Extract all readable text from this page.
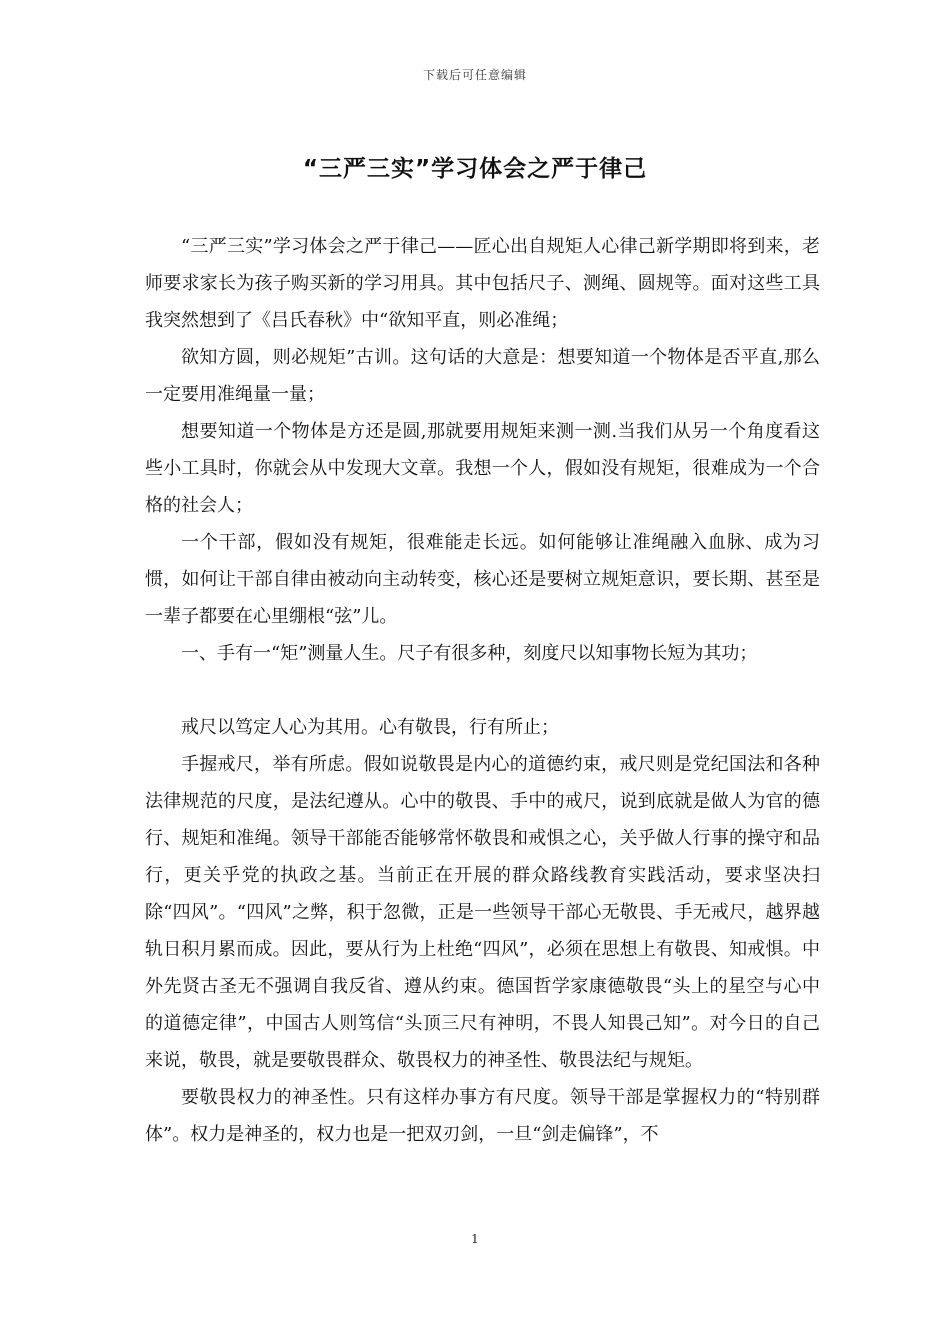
下载后可任意编辑
“三严三实”学习体会之严于律己

“三严三实”学习体会之严于律己——匠心出自规矩人心律己新学期即将到来，老师要求家长为孩子购买新的学习用具。其中包括尺子、测绳、圆规等。面对这些工具我突然想到了《吕氏春秋》中“欲知平直，则必准绳；

欲知方圆，则必规矩”古训。这句话的大意是：想要知道一个物体是否平直,那么一定要用准绳量一量；

想要知道一个物体是方还是圆,那就要用规矩来测一测.当我们从另一个角度看这些小工具时，你就会从中发现大文章。我想一个人，假如没有规矩，很难成为一个合格的社会人；

一个干部，假如没有规矩，很难能走长远。如何能够让准绳融入血脉、成为习惯，如何让干部自律由被动向主动转变，核心还是要树立规矩意识，要长期、甚至是一辈子都要在心里绷根“弦”儿。

一、手有一“矩”测量人生。尺子有很多种，刻度尺以知事物长短为其功；

戒尺以笃定人心为其用。心有敬畏，行有所止；

手握戒尺，举有所虑。假如说敬畏是内心的道德约束，戒尺则是党纪国法和各种法律规范的尺度，是法纪遵从。心中的敬畏、手中的戒尺，说到底就是做人为官的德行、规矩和准绳。领导干部能否能够常怀敬畏和戒惧之心，关乎做人行事的操守和品行，更关乎党的执政之基。当前正在开展的群众路线教育实践活动，要求坚决扫除“四风”。“四风”之弊，积于忽微，正是一些领导干部心无敬畏、手无戒尺，越界越轨日积月累而成。因此，要从行为上杜绝“四风”，必须在思想上有敬畏、知戒惧。中外先贤古圣无不强调自我反省、遵从约束。德国哲学家康德敬畏“头上的星空与心中的道德定律”，中国古人则笃信“头顶三尺有神明，不畏人知畏己知”。对今日的自己来说，敬畏，就是要敬畏群众、敬畏权力的神圣性、敬畏法纪与规矩。

要敬畏权力的神圣性。只有这样办事方有尺度。领导干部是掌握权力的“特别群体”。权力是神圣的，权力也是一把双刃剑，一旦“剑走偏锋”，不

1
